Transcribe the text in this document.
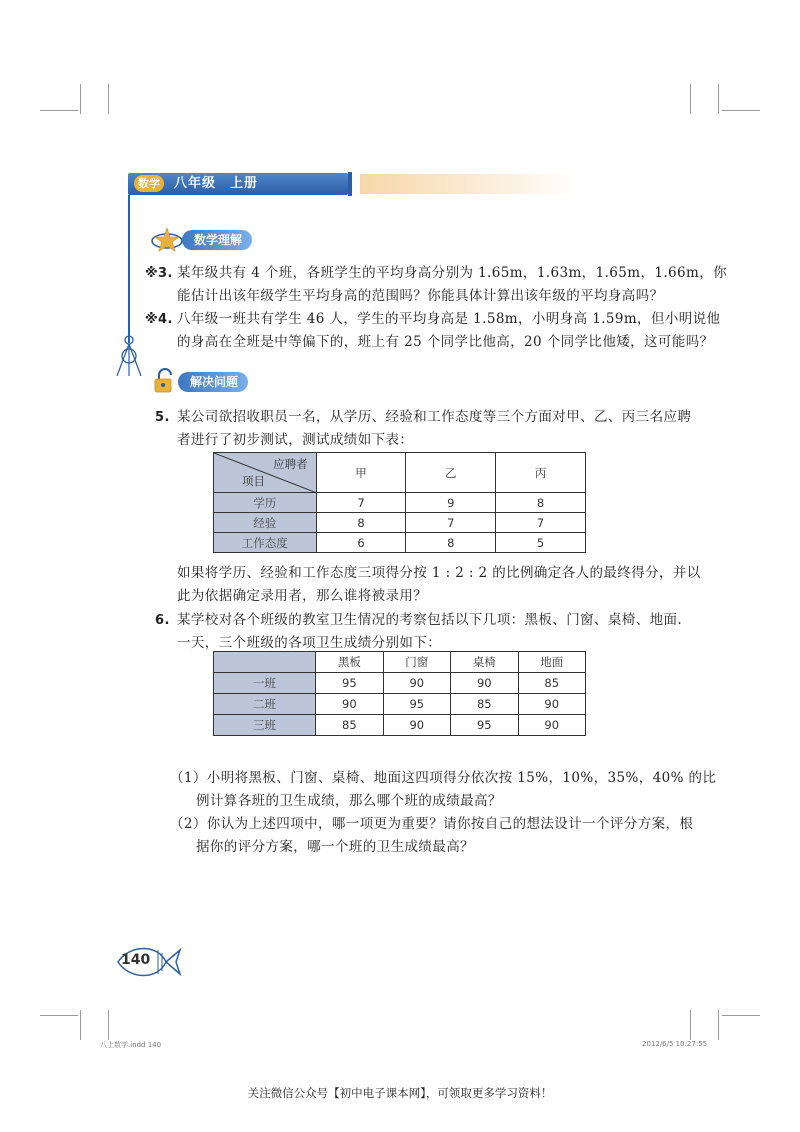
数学	八年级　上册
数学理解
※3. 某年级共有 4 个班，各班学生的平均身高分别为 1.65m，1.63m，1.65m，1.66m，你
能估计出该年级学生平均身高的范围吗？你能具体计算出该年级的平均身高吗？
※4. 八年级一班共有学生 46 人，学生的平均身高是 1.58m，小明身高 1.59m，但小明说他
的身高在全班是中等偏下的，班上有 25 个同学比他高，20 个同学比他矮，这可能吗？
解决问题
5. 某公司欲招收职员一名，从学历、经验和工作态度等三个方面对甲、乙、丙三名应聘
者进行了初步测试，测试成绩如下表：
应聘者
项目	甲	乙	丙
学历	7	9	8
经验	8	7	7
工作态度	6	8	5
如果将学历、经验和工作态度三项得分按 1 : 2 : 2 的比例确定各人的最终得分，并以
此为依据确定录用者，那么谁将被录用？
6. 某学校对各个班级的教室卫生情况的考察包括以下几项：黑板、门窗、桌椅、地面.
一天，三个班级的各项卫生成绩分别如下：
	黑板	门窗	桌椅	地面
一班	95	90	90	85
二班	90	95	85	90
三班	85	90	95	90
（1）小明将黑板、门窗、桌椅、地面这四项得分依次按 15%，10%，35%，40% 的比
例计算各班的卫生成绩，那么哪个班的成绩最高？
（2）你认为上述四项中，哪一项更为重要？请你按自己的想法设计一个评分方案，根
据你的评分方案，哪一个班的卫生成绩最高？
140
八上数学.indd 140	2012/6/5 10:27:55
关注微信公众号【初中电子课本网】，可领取更多学习资料！
